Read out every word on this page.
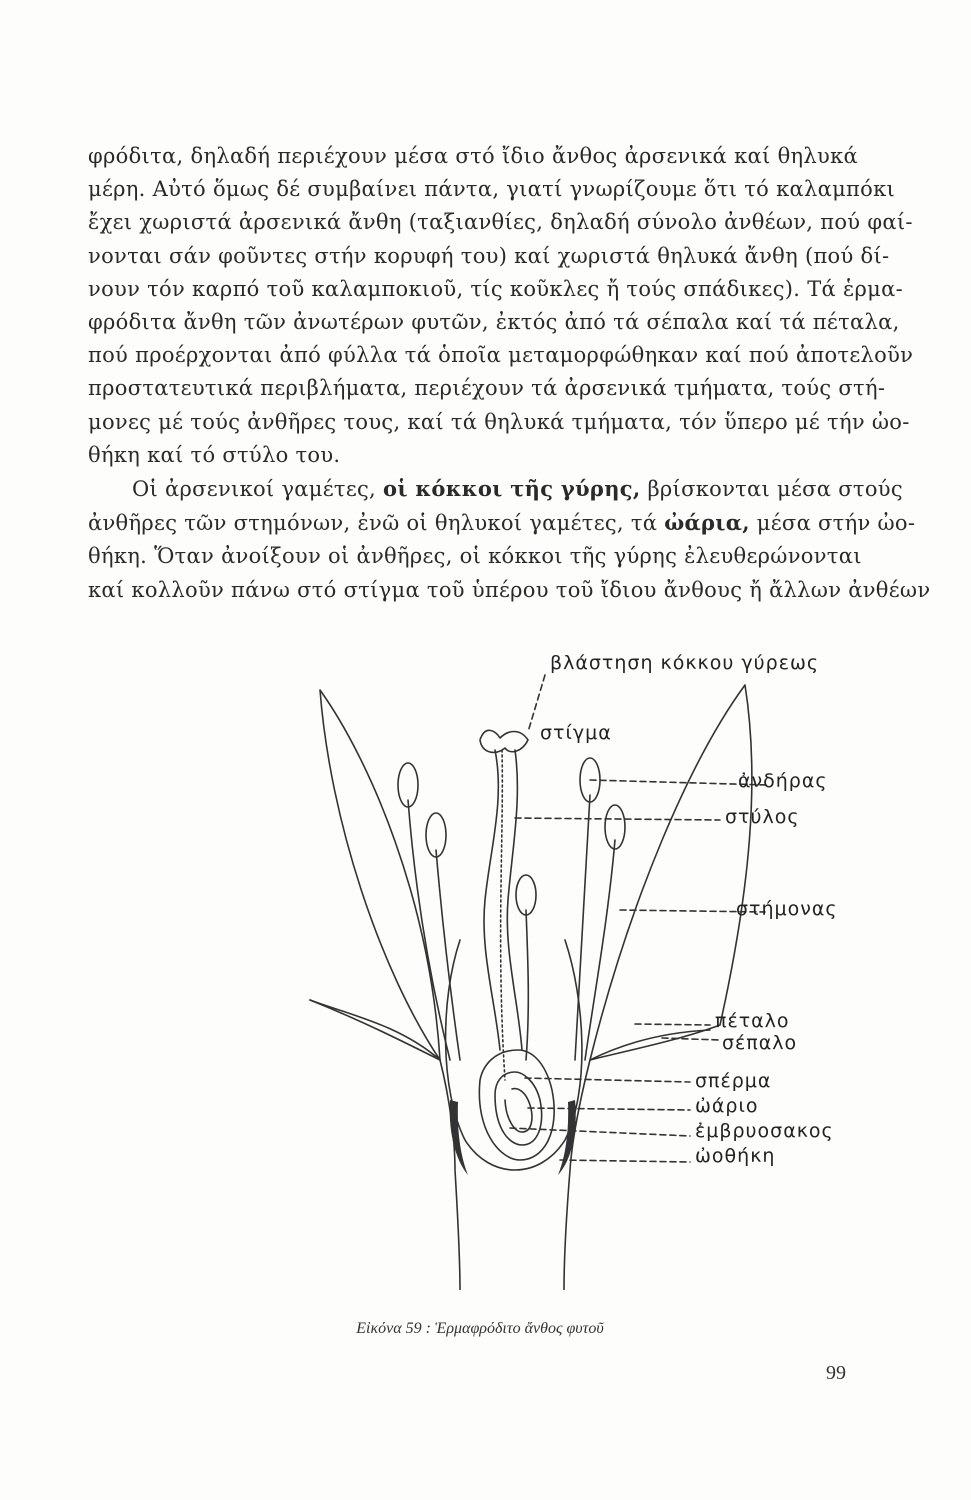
φρόδιτα, δηλαδή περιέχουν μέσα στό ἴδιο ἄνθος ἀρσενικά καί θηλυκά
μέρη. Αὐτό ὅμως δέ συμβαίνει πάντα, γιατί γνωρίζουμε ὅτι τό καλαμπόκι
ἔχει χωριστά ἀρσενικά ἄνθη (ταξιανθίες, δηλαδή σύνολο ἀνθέων, πού φαί-
νονται σάν φοῦντες στήν κορυφή του) καί χωριστά θηλυκά ἄνθη (πού δί-
νουν τόν καρπό τοῦ καλαμποκιοῦ, τίς κοῦκλες ἤ τούς σπάδικες). Τά ἑρμα-
φρόδιτα ἄνθη τῶν ἀνωτέρων φυτῶν, ἐκτός ἀπό τά σέπαλα καί τά πέταλα,
πού προέρχονται ἀπό φύλλα τά ὁποῖα μεταμορφώθηκαν καί πού ἀποτελοῦν
προστατευτικά περιβλήματα, περιέχουν τά ἀρσενικά τμήματα, τούς στή-
μονες μέ τούς ἀνθῆρες τους, καί τά θηλυκά τμήματα, τόν ὕπερο μέ τήν ὠο-
θήκη καί τό στύλο του.
Οἱ ἀρσενικοί γαμέτες, οἱ κόκκοι τῆς γύρης, βρίσκονται μέσα στούς
ἀνθῆρες τῶν στημόνων, ἐνῶ οἱ θηλυκοί γαμέτες, τά ὠάρια, μέσα στήν ὠο-
θήκη. Ὅταν ἀνοίξουν οἱ ἀνθῆρες, οἱ κόκκοι τῆς γύρης ἐλευθερώνονται
καί κολλοῦν πάνω στό στίγμα τοῦ ὑπέρου τοῦ ἴδιου ἄνθους ἤ ἄλλων ἀνθέων
βλάστηση κόκκου γύρεως
στίγμα
ἀνδήρας
στύλος
στήμονας
πέταλο
σέπαλο
σπέρμα
ὠάριο
ἐμβρυοσακος
ὠοθήκη
Εἰκόνα 59 : Ἑρμαφρόδιτο ἄνθος φυτοῦ
99
